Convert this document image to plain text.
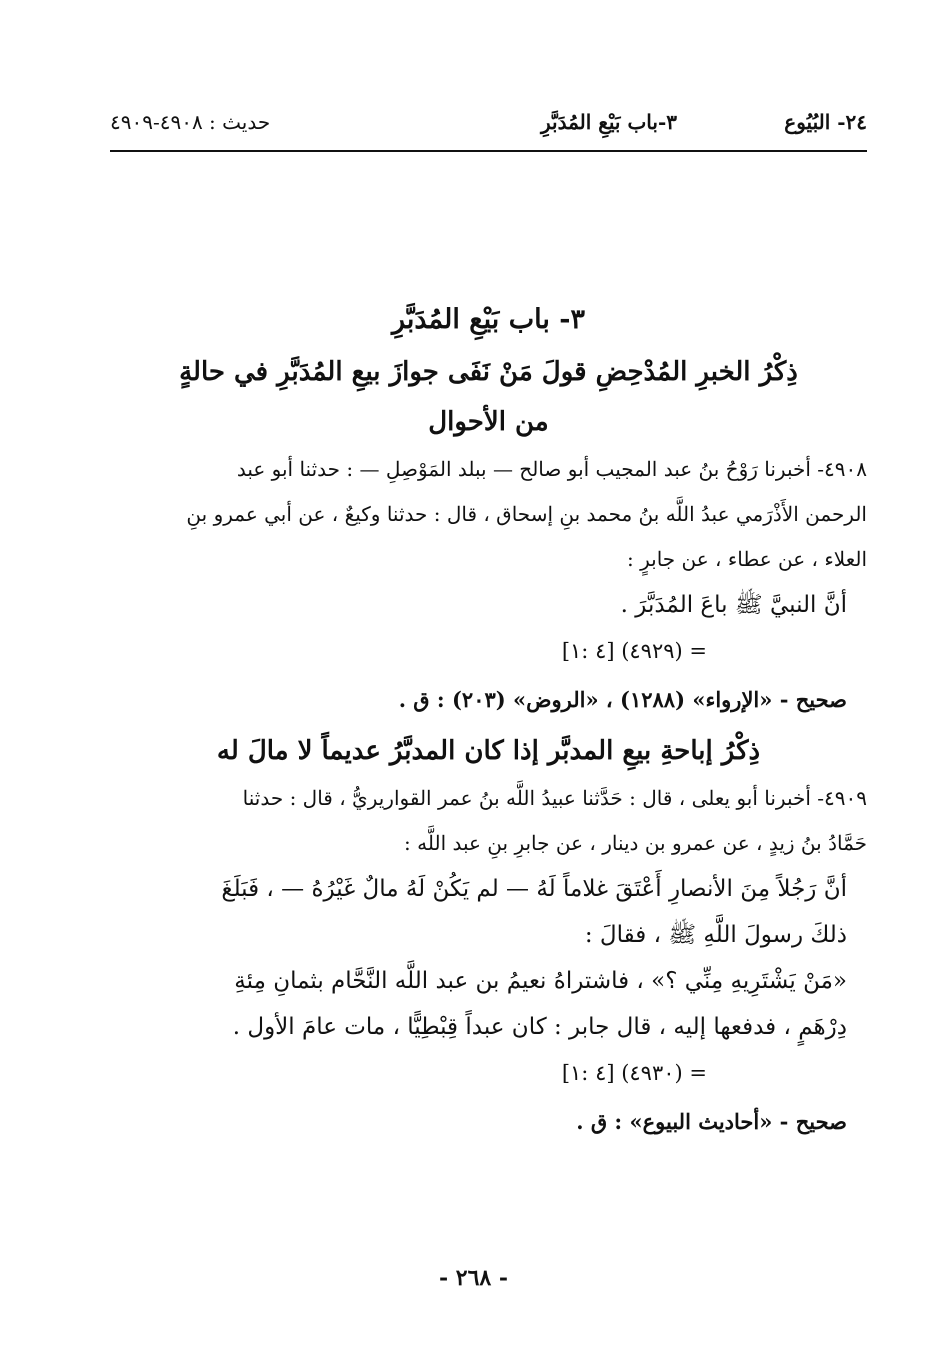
٢٤- البُيُوع
٣-باب بَيْعِ المُدَبَّرِ
حديث : ٤٩٠٨-٤٩٠٩
٣- باب بَيْعِ المُدَبَّرِ
ذِكْرُ الخبرِ المُدْحِضِ قولَ مَنْ نَفَى جوازَ بيعِ المُدَبَّرِ في حالةٍ
من الأحوال
٤٩٠٨- أخبرنا رَوْحُ بنُ عبد المجيب أبو صالح — ببلد المَوْصِلِ — : حدثنا أبو عبد
الرحمن الأَذْرَمي عبدُ اللَّه بنُ محمد بنِ إسحاق ، قال : حدثنا وكيعٌ ، عن أبي عمرو بنِ
العلاء ، عن عطاء ، عن جابرٍ :
أنَّ النبيَّ ﷺ باعَ المُدَبَّرَ .
= (٤٩٢٩) [٤ :١]
صحيح - «الإرواء» (١٢٨٨) ، «الروض» (٢٠٣) : ق .
ذِكْرُ إباحةِ بيعِ المدبَّر إذا كان المدبَّرُ عديماً لا مالَ له
٤٩٠٩- أخبرنا أبو يعلى ، قال : حَدَّثنا عبيدُ اللَّه بنُ عمر القواريريُّ ، قال : حدثنا
حَمَّادُ بنُ زيدٍ ، عن عمرو بن دينار ، عن جابرِ بنِ عبد اللَّه :
أنَّ رَجُلاً مِنَ الأنصارِ أَعْتَقَ غلاماً لَهُ — لم يَكُنْ لَهُ مالٌ غَيْرُهُ — ، فَبَلَغَ
ذلكَ رسولَ اللَّهِ ﷺ ، فقالَ :
«مَنْ يَشْتَرِيهِ مِنِّي ؟» ، فاشتراهُ نعيمُ بن عبد اللَّه النَّحَّام بثمانِ مِئةِ
دِرْهَمٍ ، فدفعها إليه ، قال جابر : كان عبداً قِبْطِيًّا ، مات عامَ الأول .
= (٤٩٣٠) [٤ :١]
صحيح - «أحاديث البيوع» : ق .
- ٢٦٨ -
